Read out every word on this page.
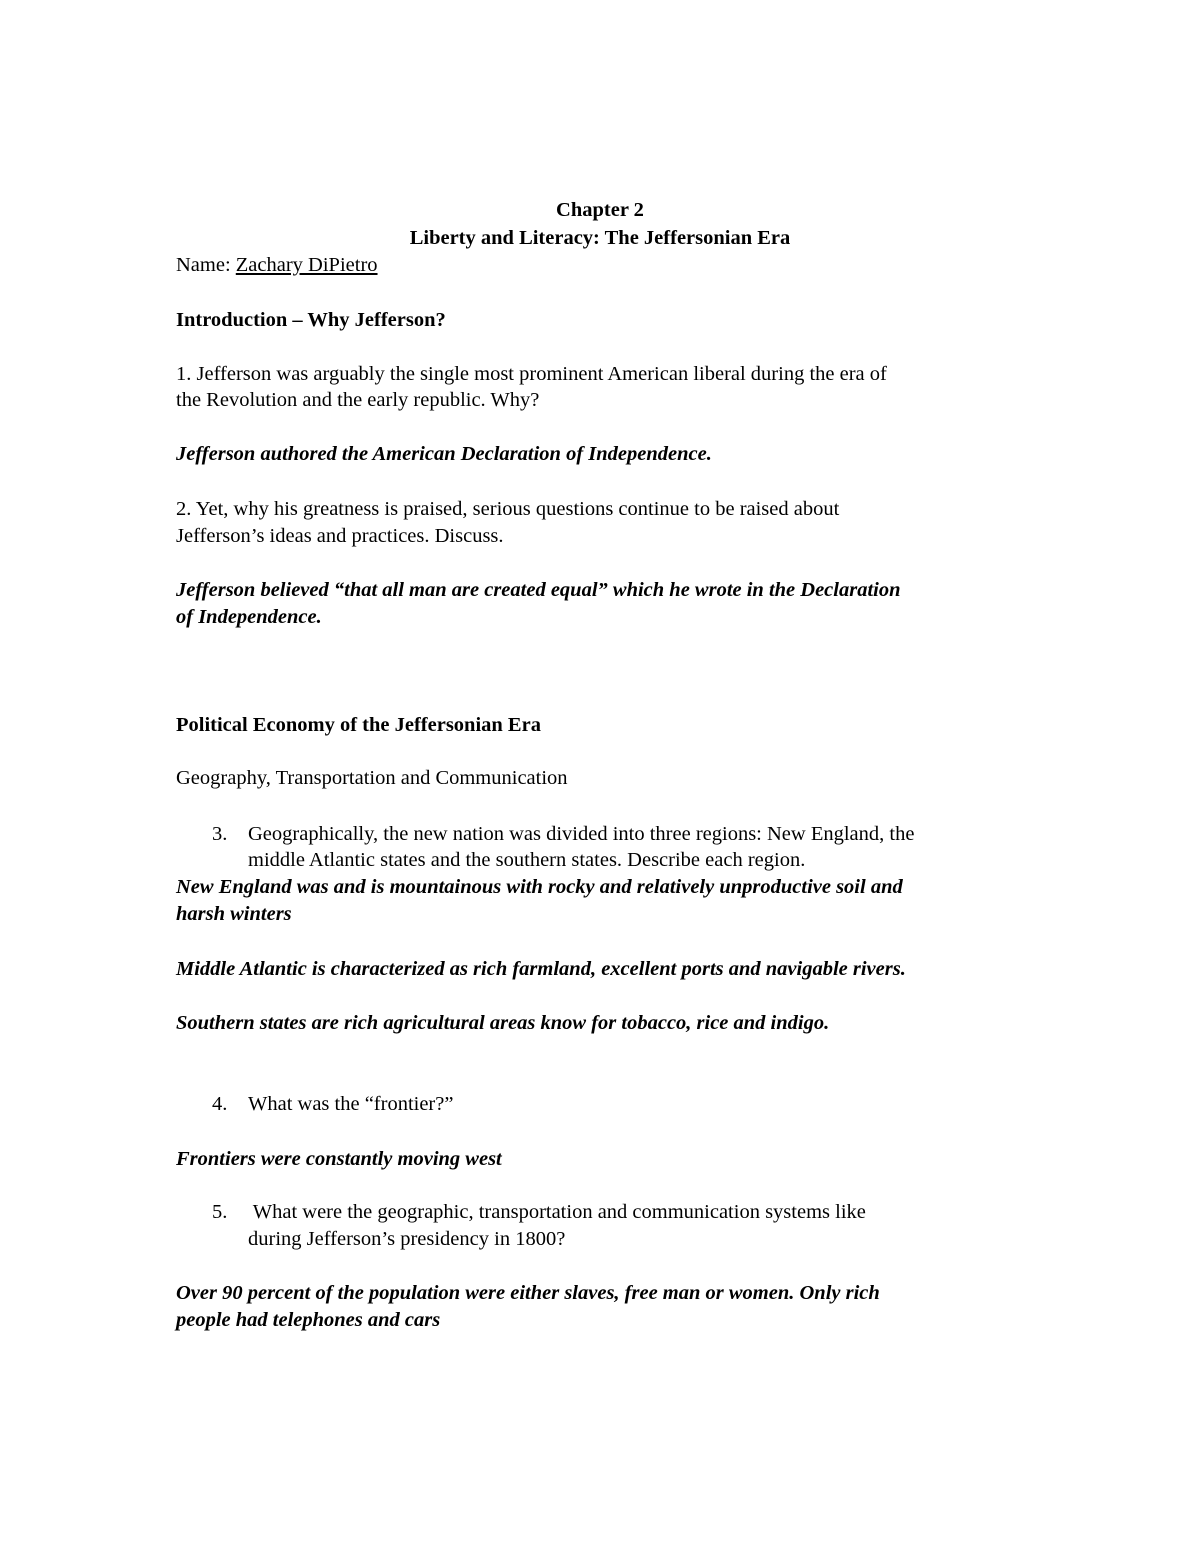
Chapter 2
Liberty and Literacy: The Jeffersonian Era
Name: Zachary DiPietro
Introduction – Why Jefferson?
1. Jefferson was arguably the single most prominent American liberal during the era of
the Revolution and the early republic. Why?
Jefferson authored the American Declaration of Independence.
2. Yet, why his greatness is praised, serious questions continue to be raised about
Jefferson’s ideas and practices. Discuss.
Jefferson believed “that all man are created equal” which he wrote in the Declaration
of Independence.
Political Economy of the Jeffersonian Era
Geography, Transportation and Communication
3. Geographically, the new nation was divided into three regions: New England, the
middle Atlantic states and the southern states. Describe each region.
New England was and is mountainous with rocky and relatively unproductive soil and
harsh winters
Middle Atlantic is characterized as rich farmland, excellent ports and navigable rivers.
Southern states are rich agricultural areas know for tobacco, rice and indigo.
4. What was the “frontier?”
Frontiers were constantly moving west
5. What were the geographic, transportation and communication systems like
during Jefferson’s presidency in 1800?
Over 90 percent of the population were either slaves, free man or women. Only rich
people had telephones and cars
